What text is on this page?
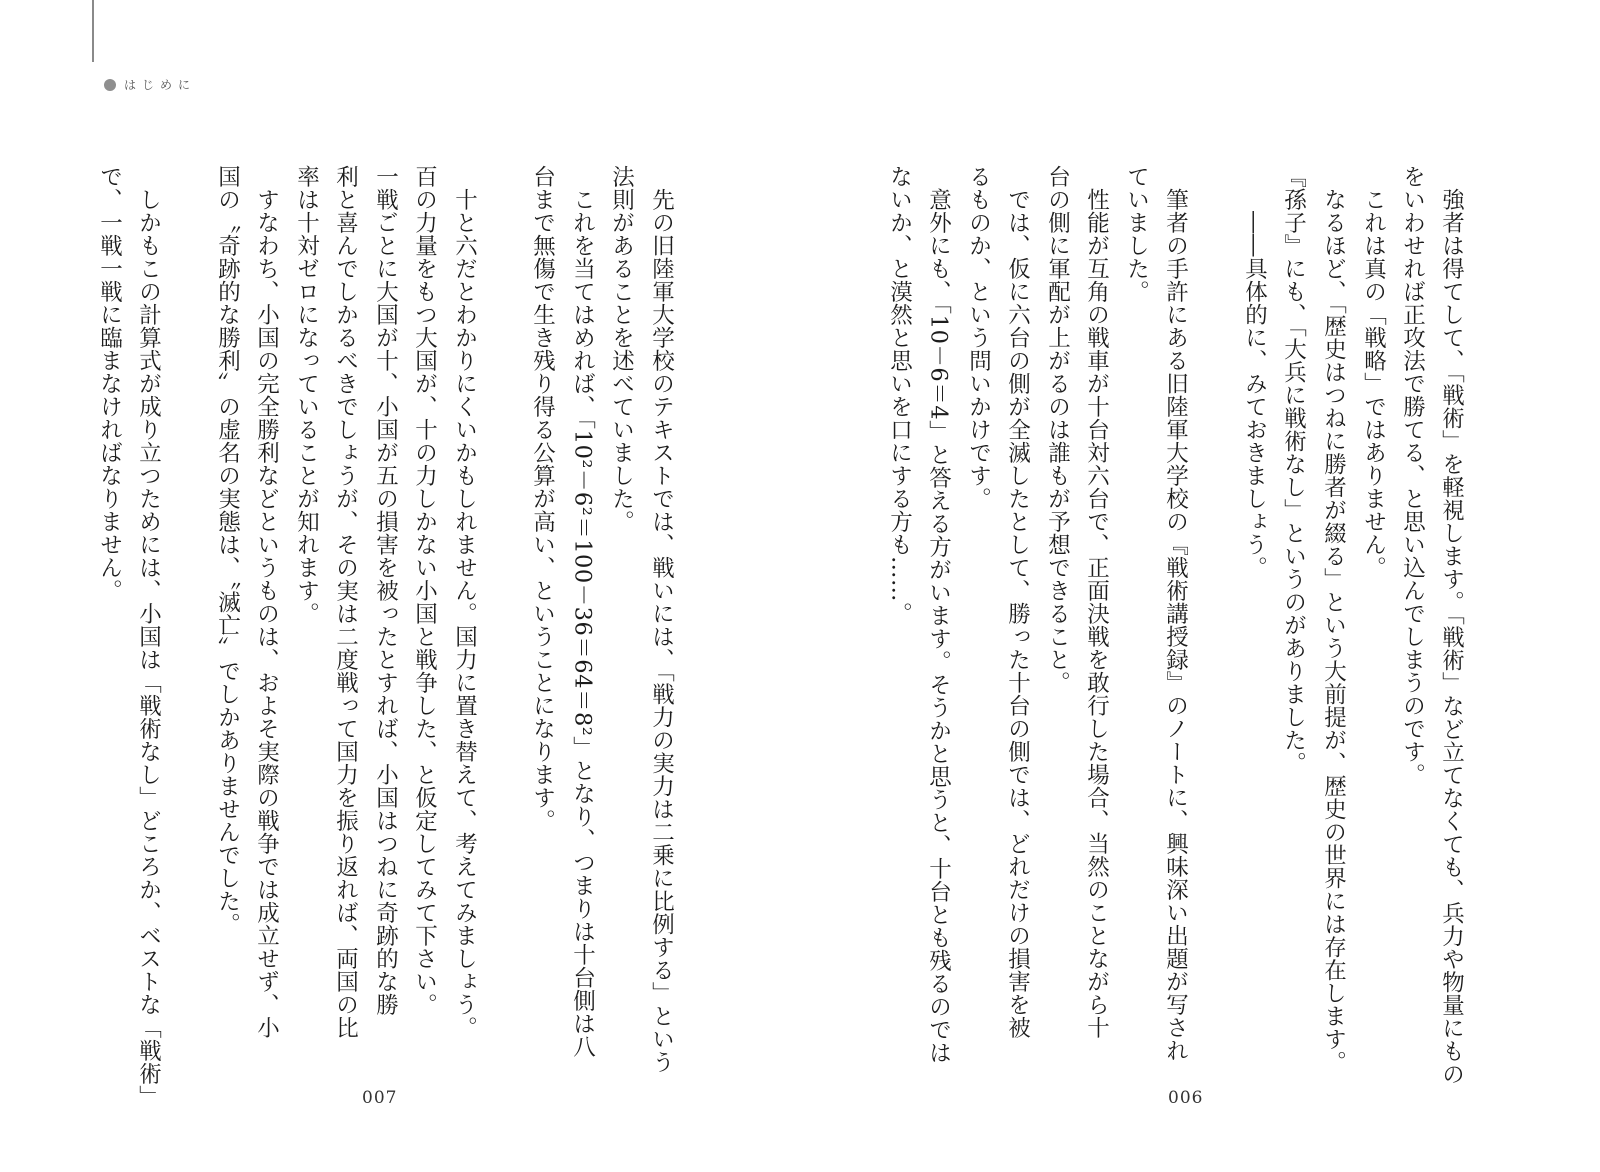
はじめに
　強者は得てして、「戦術」を軽視します。「戦術」など立てなくても、兵力や物量にもの
をいわせれば正攻法で勝てる、と思い込んでしまうのです。
　これは真の「戦略」ではありません。
　なるほど、「歴史はつねに勝者が綴る」という大前提が、歴史の世界には存在します。
『孫子』にも、「大兵に戦術なし」というのがありました。
　　――具体的に、みておきましょう。
　筆者の手許にある旧陸軍大学校の『戦術講授録』のノートに、興味深い出題が写され
ていました。
　性能が互角の戦車が十台対六台で、正面決戦を敢行した場合、当然のことながら十
台の側に軍配が上がるのは誰もが予想できること。
　では、仮に六台の側が全滅したとして、勝った十台の側では、どれだけの損害を被
るものか、という問いかけです。
　意外にも、「10－6＝4」と答える方がいます。そうかと思うと、十台とも残るのでは
ないか、と漠然と思いを口にする方も……。
　先の旧陸軍大学校のテキストでは、戦いには、「戦力の実力は二乗に比例する」という
法則があることを述べていました。
　これを当てはめれば、「10²－6²＝100－36＝64＝8²」となり、つまりは十台側は八
台まで無傷で生き残り得る公算が高い、ということになります。
　十と六だとわかりにくいかもしれません。国力に置き替えて、考えてみましょう。
百の力量をもつ大国が、十の力しかない小国と戦争した、と仮定してみて下さい。
一戦ごとに大国が十、小国が五の損害を被ったとすれば、小国はつねに奇跡的な勝
利と喜んでしかるべきでしょうが、その実は二度戦って国力を振り返れば、両国の比
率は十対ゼロになっていることが知れます。
　すなわち、小国の完全勝利などというものは、およそ実際の戦争では成立せず、小
国の〝奇跡的な勝利〟の虚名の実態は、〝滅亡〟でしかありませんでした。
　しかもこの計算式が成り立つためには、小国は「戦術なし」どころか、ベストな「戦術」
で、一戦一戦に臨まなければなりません。
006
007
